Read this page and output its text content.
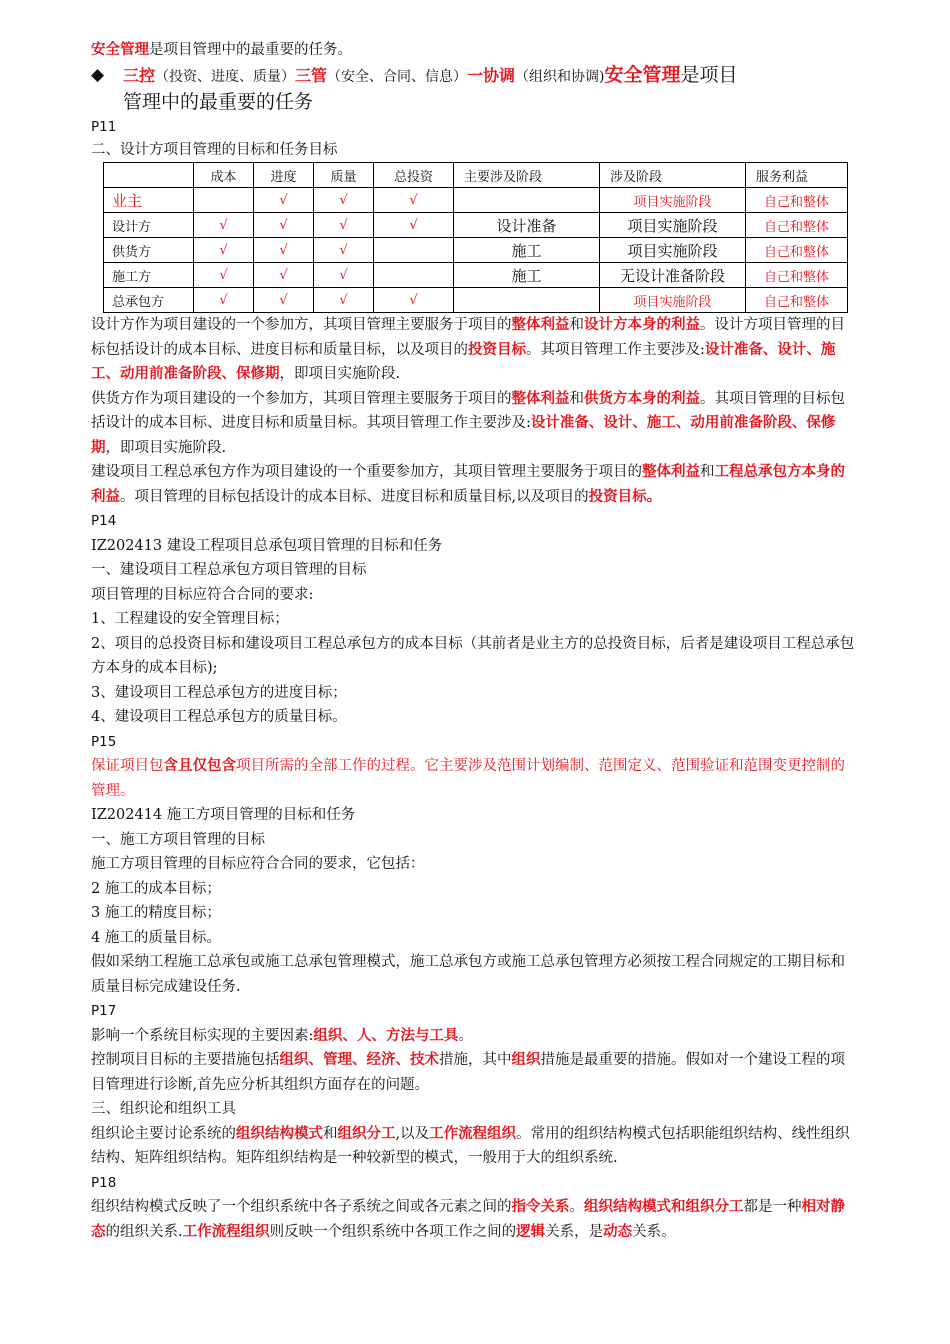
安全管理是项目管理中的最重要的任务。

◆	三控（投资、进度、质量）三管（安全、合同、信息）一协调（组织和协调)安全管理是项目
管理中的最重要的任务

P11

二、设计方项目管理的目标和任务目标

	成本	进度	质量	总投资	主要涉及阶段	涉及阶段	服务利益
业主		√	√	√		项目实施阶段	自己和整体
设计方	√	√	√	√	设计准备	项目实施阶段	自己和整体
供货方	√	√	√		施工	项目实施阶段	自己和整体
施工方	√	√	√		施工	无设计准备阶段	自己和整体
总承包方	√	√	√	√		项目实施阶段	自己和整体

设计方作为项目建设的一个参加方，其项目管理主要服务于项目的整体利益和设计方本身的利益。设计方项目管理的目标包括设计的成本目标、进度目标和质量目标，以及项目的投资目标。其项目管理工作主要涉及:设计准备、设计、施工、动用前准备阶段、保修期，即项目实施阶段.

供货方作为项目建设的一个参加方，其项目管理主要服务于项目的整体利益和供货方本身的利益。其项目管理的目标包括设计的成本目标、进度目标和质量目标。其项目管理工作主要涉及:设计准备、设计、施工、动用前准备阶段、保修期，即项目实施阶段.

建设项目工程总承包方作为项目建设的一个重要参加方，其项目管理主要服务于项目的整体利益和工程总承包方本身的利益。项目管理的目标包括设计的成本目标、进度目标和质量目标,以及项目的投资目标。

P14

IZ202413 建设工程项目总承包项目管理的目标和任务

一、建设项目工程总承包方项目管理的目标

项目管理的目标应符合合同的要求:

1、工程建设的安全管理目标；

2、项目的总投资目标和建设项目工程总承包方的成本目标（其前者是业主方的总投资目标，后者是建设项目工程总承包方本身的成本目标);

3、建设项目工程总承包方的进度目标；

4、建设项目工程总承包方的质量目标。

P15

保证项目包含且仅包含项目所需的全部工作的过程。它主要涉及范围计划编制、范围定义、范围验证和范围变更控制的管理。

IZ202414 施工方项目管理的目标和任务

一、施工方项目管理的目标

施工方项目管理的目标应符合合同的要求，它包括：

2 施工的成本目标；

3 施工的精度目标；

4 施工的质量目标。

假如采纳工程施工总承包或施工总承包管理模式，施工总承包方或施工总承包管理方必须按工程合同规定的工期目标和质量目标完成建设任务.

P17

影响一个系统目标实现的主要因素:组织、人、方法与工具。

控制项目目标的主要措施包括组织、管理、经济、技术措施，其中组织措施是最重要的措施。假如对一个建设工程的项目管理进行诊断,首先应分析其组织方面存在的问题。

三、组织论和组织工具

组织论主要讨论系统的组织结构模式和组织分工,以及工作流程组织。常用的组织结构模式包括职能组织结构、线性组织结构、矩阵组织结构。矩阵组织结构是一种较新型的模式，一般用于大的组织系统.

P18

组织结构模式反映了一个组织系统中各子系统之间或各元素之间的指令关系。组织结构模式和组织分工都是一种相对静态的组织关系.工作流程组织则反映一个组织系统中各项工作之间的逻辑关系，是动态关系。
